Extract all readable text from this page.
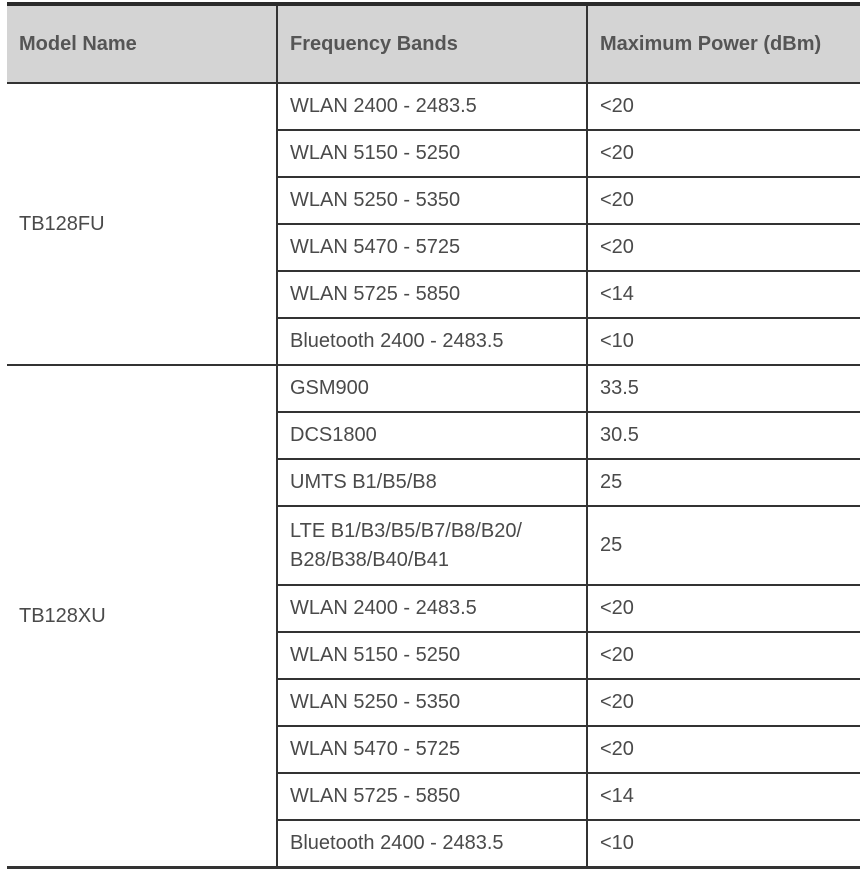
Model Name	Frequency Bands	Maximum Power (dBm)
TB128FU	WLAN 2400 - 2483.5	<20
	WLAN 5150 - 5250	<20
	WLAN 5250 - 5350	<20
	WLAN 5470 - 5725	<20
	WLAN 5725 - 5850	<14
	Bluetooth 2400 - 2483.5	<10
TB128XU	GSM900	33.5
	DCS1800	30.5
	UMTS B1/B5/B8	25
	LTE B1/B3/B5/B7/B8/B20/ B28/B38/B40/B41	25
	WLAN 2400 - 2483.5	<20
	WLAN 5150 - 5250	<20
	WLAN 5250 - 5350	<20
	WLAN 5470 - 5725	<20
	WLAN 5725 - 5850	<14
	Bluetooth 2400 - 2483.5	<10
